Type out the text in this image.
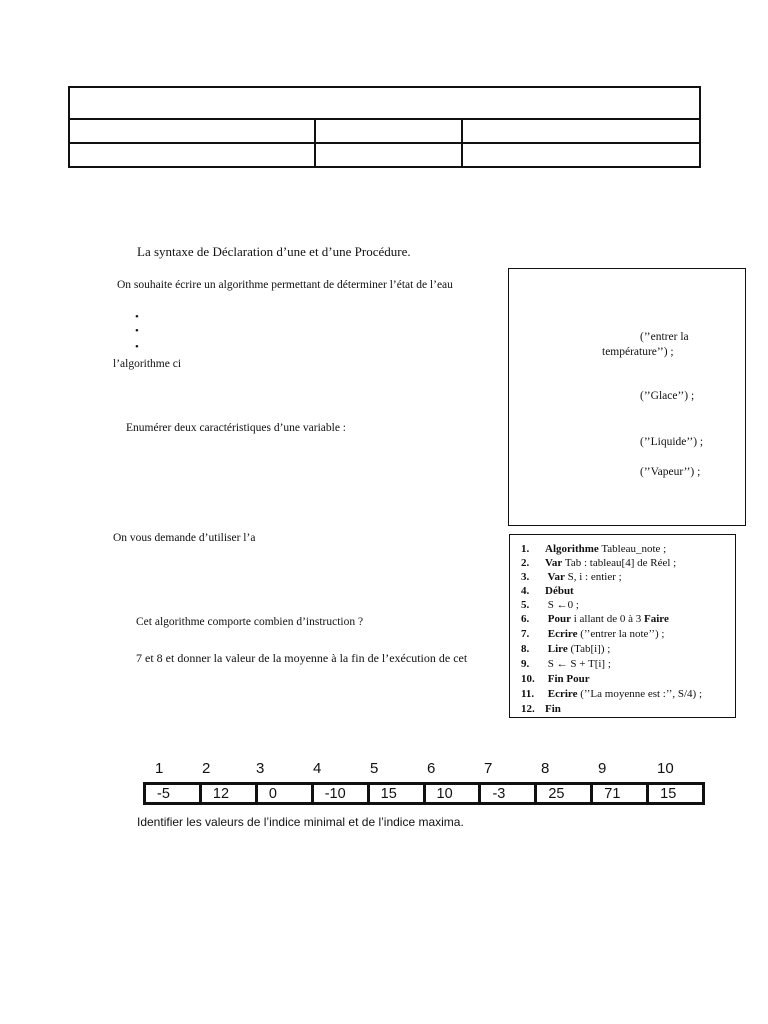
La syntaxe de Déclaration d’une et d’une Procédure.
On souhaite écrire un algorithme permettant de déterminer l’état de l’eau
•
•
•
l’algorithme ci
Enumérer deux caractéristiques d’une variable :
On vous demande d’utiliser l’a
Cet algorithme comporte combien d’instruction ?
7 et 8 et donner la valeur de la moyenne à la fin de l’exécution de cet
(’’entrer la
température’’) ;
(’’Glace’’) ;
(’’Liquide’’) ;
(’’Vapeur’’) ;
1. Algorithme Tableau_note ;
2. Var Tab : tableau[4] de Réel ;
3. Var S, i : entier ;
4. Début
5. S ←0 ;
6. Pour i allant de 0 à 3 Faire
7. Ecrire (’’entrer la note’’) ;
8. Lire (Tab[i]) ;
9. S ← S + T[i] ;
10. Fin Pour
11. Ecrire (’’La moyenne est :’’, S/4) ;
12. Fin
1	2	3	4	5	6	7	8	9	10
-5	12	0	-10	15	10	-3	25	71	15
Identifier les valeurs de l’indice minimal et de l’indice maxima.
